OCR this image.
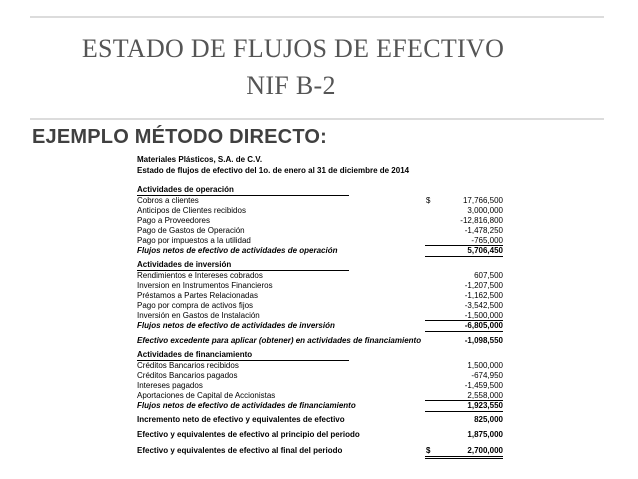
ESTADO DE FLUJOS DE EFECTIVO
NIF B-2
EJEMPLO MÉTODO DIRECTO:
Materiales Plásticos, S.A. de C.V.
Estado de flujos de efectivo del 1o. de enero al 31 de diciembre de 2014
Actividades de operación
Cobros a clientes	$	17,766,500
Anticipos de Clientes recibidos	3,000,000
Pago a Proveedores	-12,816,800
Pago de Gastos de Operación	-1,478,250
Pago por impuestos a la utilidad	-765,000
Flujos netos de efectivo de actividades de operación	5,706,450
Actividades de inversión
Rendimientos e Intereses cobrados	607,500
Inversion en Instrumentos Financieros	-1,207,500
Préstamos a Partes Relacionadas	-1,162,500
Pago por compra de activos fijos	-3,542,500
Inversión en Gastos de Instalación	-1,500,000
Flujos netos de efectivo de actividades de inversión	-6,805,000
Efectivo excedente para aplicar (obtener) en actividades de financiamiento	-1,098,550
Actividades de financiamiento
Créditos Bancarios recibidos	1,500,000
Créditos Bancarios pagados	-674,950
Intereses pagados	-1,459,500
Aportaciones de Capital de Accionistas	2,558,000
Flujos netos de efectivo de actividades de financiamiento	1,923,550
Incremento neto de efectivo y equivalentes de efectivo	825,000
Efectivo y equivalentes de efectivo al principio del periodo	1,875,000
Efectivo y equivalentes de efectivo al final del periodo	$	2,700,000
